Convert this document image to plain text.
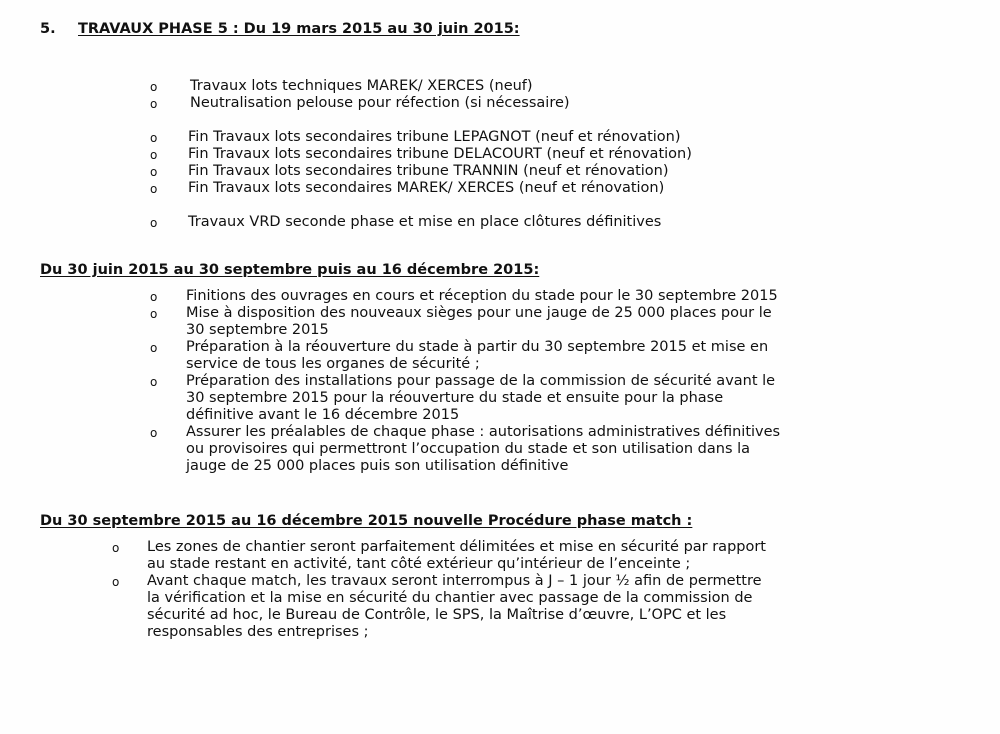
5. TRAVAUX PHASE 5 : Du 19 mars 2015 au 30 juin 2015:
o Travaux lots techniques MAREK/ XERCES (neuf)
o Neutralisation pelouse pour réfection (si nécessaire)
o Fin Travaux lots secondaires tribune LEPAGNOT (neuf et rénovation)
o Fin Travaux lots secondaires tribune DELACOURT (neuf et rénovation)
o Fin Travaux lots secondaires tribune TRANNIN (neuf et rénovation)
o Fin Travaux lots secondaires MAREK/ XERCES (neuf et rénovation)
o Travaux VRD seconde phase et mise en place clôtures définitives
Du 30 juin 2015 au 30 septembre puis au 16 décembre 2015:
o Finitions des ouvrages en cours et réception du stade pour le 30 septembre 2015
o Mise à disposition des nouveaux sièges pour une jauge de 25 000 places pour le
30 septembre 2015
o Préparation à la réouverture du stade à partir du 30 septembre 2015 et mise en
service de tous les organes de sécurité ;
o Préparation des installations pour passage de la commission de sécurité avant le
30 septembre 2015 pour la réouverture du stade et ensuite pour la phase
définitive avant le 16 décembre 2015
o Assurer les préalables de chaque phase : autorisations administratives définitives
ou provisoires qui permettront l’occupation du stade et son utilisation dans la
jauge de 25 000 places puis son utilisation définitive
Du 30 septembre 2015 au 16 décembre 2015 nouvelle Procédure phase match :
o Les zones de chantier seront parfaitement délimitées et mise en sécurité par rapport
au stade restant en activité, tant côté extérieur qu’intérieur de l’enceinte ;
o Avant chaque match, les travaux seront interrompus à J – 1 jour ½ afin de permettre
la vérification et la mise en sécurité du chantier avec passage de la commission de
sécurité ad hoc, le Bureau de Contrôle, le SPS, la Maîtrise d’œuvre, L’OPC et les
responsables des entreprises ;
